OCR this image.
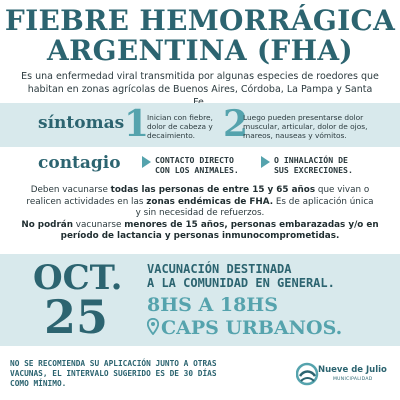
FIEBRE HEMORRÁGICA
ARGENTINA (FHA)
Es una enfermedad viral transmitida por algunas especies de roedores que
habitan en zonas agrícolas de Buenos Aires, Córdoba, La Pampa y Santa
síntomas 1
Inician con fiebre,
dolor de cabeza y
decaimiento. 2
Luego pueden presentarse dolor
muscular, articular, dolor de ojos,
mareos, nauseas y vómitos.
contagio	CONTACTO DIRECTO
CON LOS ANIMALES.
O INHALACIÓN DE
SUS EXCRECIONES.
Deben vacunarse todas las personas de entre 15 y 65 años que vivan o
realicen actividades en las zonas endémicas de FHA. Es de aplicación única
y sin necesidad de refuerzos.
No podrán vacunarse menores de 15 años, personas embarazadas y/o en
período de lactancia y personas inmunocomprometidas.
OCT.
25
VACUNACIÓN DESTINADA
A LA COMUNIDAD EN GENERAL.
8HS A 18HS
CAPS URBANOS.
NO SE RECOMIENDA SU APLICACIÓN JUNTO A OTRAS
VACUNAS, EL INTERVALO SUGERIDO ES DE 30 DÍAS
COMO MÍNIMO.
Nueve de Julio
MUNICIPALIDAD
